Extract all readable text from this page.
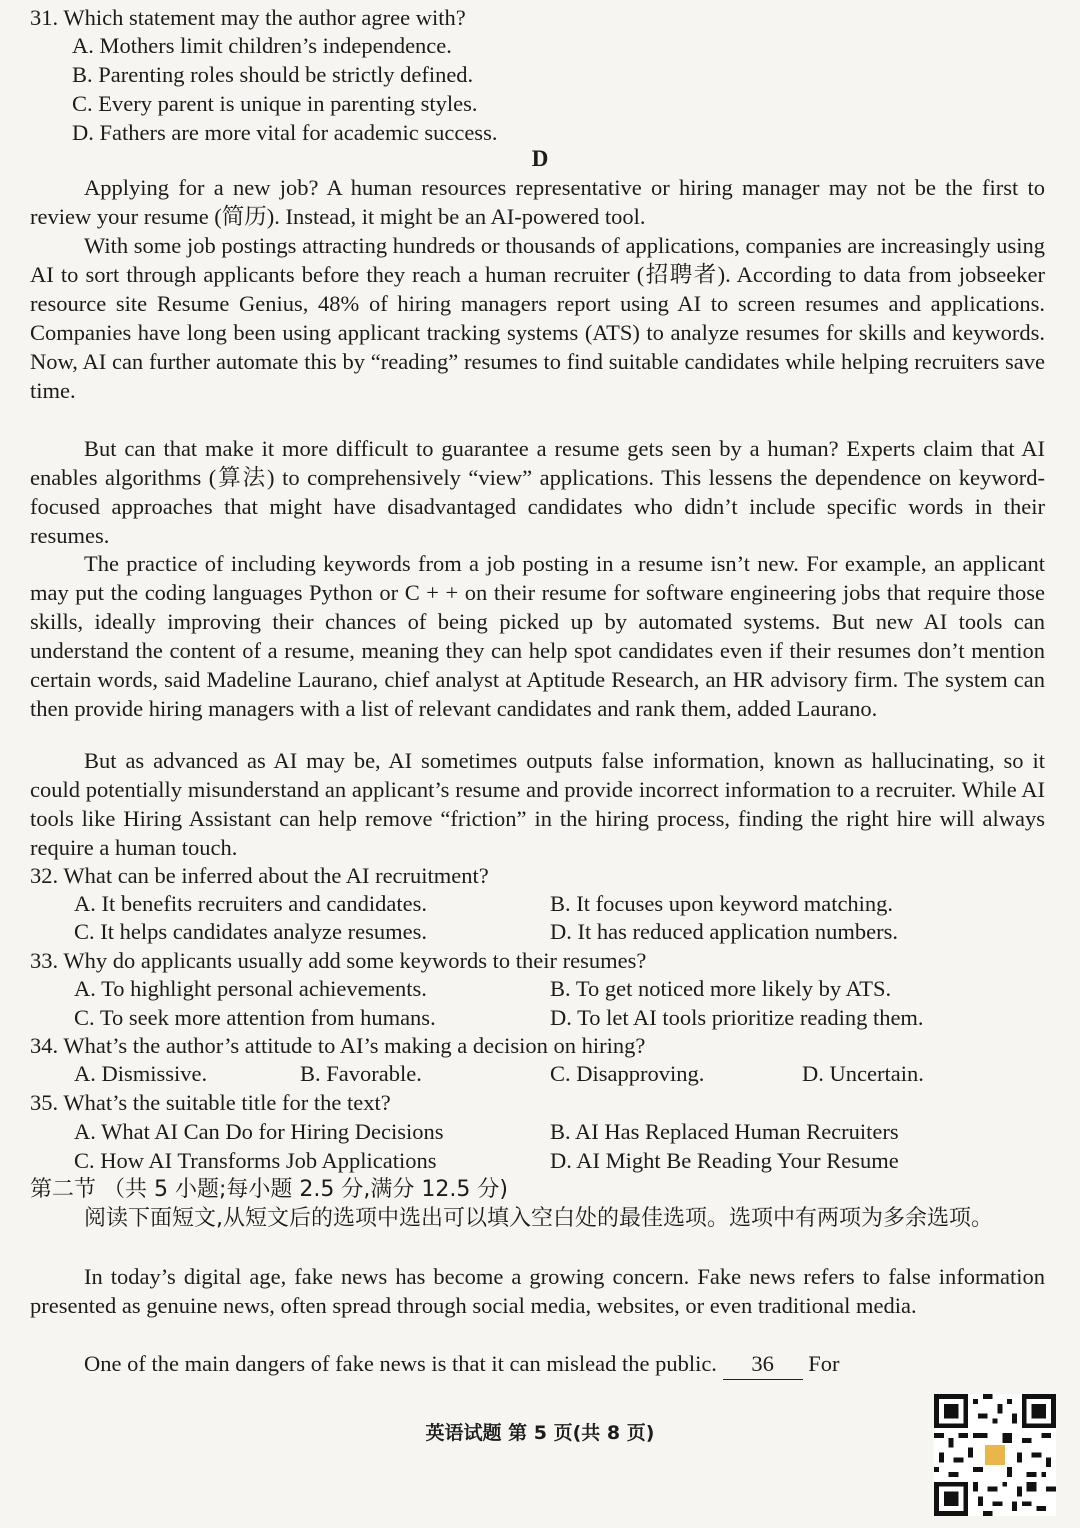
31. Which statement may the author agree with?
A. Mothers limit children’s independence.
B. Parenting roles should be strictly defined.
C. Every parent is unique in parenting styles.
D. Fathers are more vital for academic success.
D

Applying for a new job? A human resources representative or hiring manager may not be the first to review your resume (简历). Instead, it might be an AI-powered tool.

With some job postings attracting hundreds or thousands of applications, companies are increasingly using AI to sort through applicants before they reach a human recruiter (招聘者). According to data from jobseeker resource site Resume Genius, 48% of hiring managers report using AI to screen resumes and applications. Companies have long been using applicant tracking systems (ATS) to analyze resumes for skills and keywords. Now, AI can further automate this by “reading” resumes to find suitable candidates while helping recruiters save time.

But can that make it more difficult to guarantee a resume gets seen by a human? Experts claim that AI enables algorithms (算法) to comprehensively “view” applications. This lessens the dependence on keyword-focused approaches that might have disadvantaged candidates who didn’t include specific words in their resumes.

The practice of including keywords from a job posting in a resume isn’t new. For example, an applicant may put the coding languages Python or C + + on their resume for software engineering jobs that require those skills, ideally improving their chances of being picked up by automated systems. But new AI tools can understand the content of a resume, meaning they can help spot candidates even if their resumes don’t mention certain words, said Madeline Laurano, chief analyst at Aptitude Research, an HR advisory firm. The system can then provide hiring managers with a list of relevant candidates and rank them, added Laurano.

But as advanced as AI may be, AI sometimes outputs false information, known as hallucinating, so it could potentially misunderstand an applicant’s resume and provide incorrect information to a recruiter. While AI tools like Hiring Assistant can help remove “friction” in the hiring process, finding the right hire will always require a human touch.

32. What can be inferred about the AI recruitment?
A. It benefits recruiters and candidates.	B. It focuses upon keyword matching.
C. It helps candidates analyze resumes.	D. It has reduced application numbers.
33. Why do applicants usually add some keywords to their resumes?
A. To highlight personal achievements.	B. To get noticed more likely by ATS.
C. To seek more attention from humans.	D. To let AI tools prioritize reading them.
34. What’s the author’s attitude to AI’s making a decision on hiring?
A. Dismissive.	B. Favorable.	C. Disapproving.	D. Uncertain.
35. What’s the suitable title for the text?
A. What AI Can Do for Hiring Decisions	B. AI Has Replaced Human Recruiters
C. How AI Transforms Job Applications	D. AI Might Be Reading Your Resume
第二节 （共 5 小题;每小题 2.5 分,满分 12.5 分)

阅读下面短文,从短文后的选项中选出可以填入空白处的最佳选项。选项中有两项为多余选项。

In today’s digital age, fake news has become a growing concern. Fake news refers to false information presented as genuine news, often spread through social media, websites, or even traditional media.

One of the main dangers of fake news is that it can mislead the public. 36 For

英语试题 第 5 页(共 8 页)
